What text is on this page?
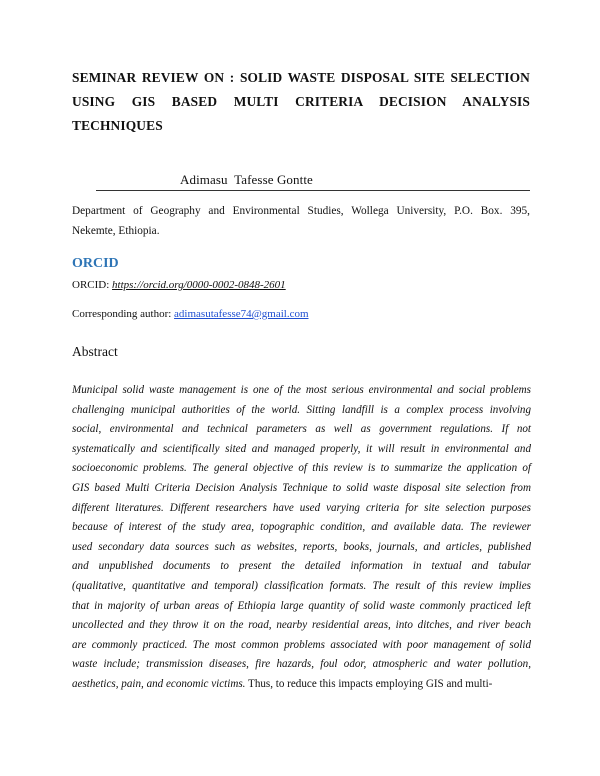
SEMINAR REVIEW ON : SOLID WASTE DISPOSAL SITE SELECTION
USING GIS BASED MULTI CRITERIA DECISION ANALYSIS
TECHNIQUES
Adimasu  Tafesse Gontte
Department of Geography and Environmental Studies, Wollega University, P.O. Box. 395,
Nekemte, Ethiopia.
ORCID
ORCID: https://orcid.org/0000-0002-0848-2601
Corresponding author: adimasutafesse74@gmail.com
Abstract
Municipal solid waste management is one of the most serious environmental and social problems
challenging municipal authorities of the world. Sitting landfill is a complex process involving
social, environmental and technical parameters as well as government regulations. If not
systematically and scientifically sited and managed properly, it will result in environmental and
socioeconomic problems. The general objective of this review is to summarize the application of
GIS based Multi Criteria Decision Analysis Technique to solid waste disposal site selection from
different literatures. Different researchers have used varying criteria for site selection purposes
because of interest of the study area, topographic condition, and available data. The reviewer
used secondary data sources such as websites, reports, books, journals, and articles, published
and unpublished documents to present the detailed information in textual and tabular
(qualitative, quantitative and temporal) classification formats. The result of this review implies
that in majority of urban areas of Ethiopia large quantity of solid waste commonly practiced left
uncollected and they throw it on the road, nearby residential areas, into ditches, and river beach
are commonly practiced. The most common problems associated with poor management of solid
waste include; transmission diseases, fire hazards, foul odor, atmospheric and water pollution,
aesthetics, pain, and economic victims. Thus, to reduce this impacts employing GIS and multi-
